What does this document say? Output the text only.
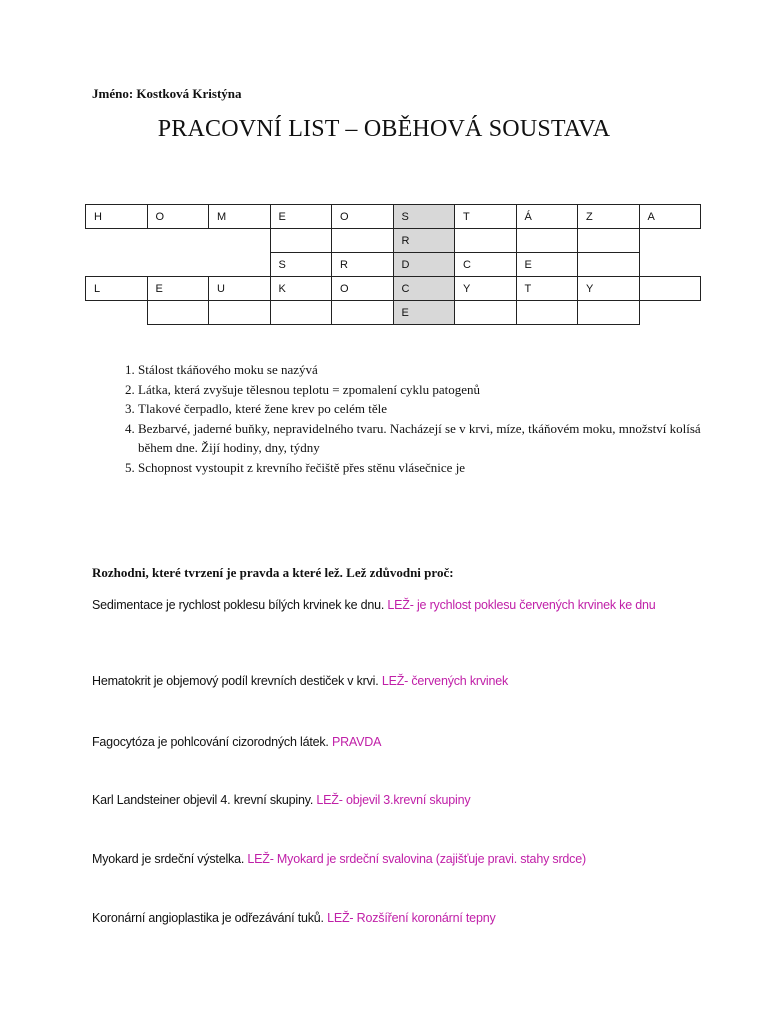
Jméno: Kostková Kristýna
PRACOVNÍ LIST – OBĚHOVÁ SOUSTAVA
H	O	M	E	O	S	T	Á	Z	A
					R				
			S	R	D	C	E		
L	E	U	K	O	C	Y	T	Y	
					E				
1. Stálost tkáňového moku se nazývá
2. Látka, která zvyšuje tělesnou teplotu = zpomalení cyklu patogenů
3. Tlakové čerpadlo, které žene krev po celém těle
4. Bezbarvé, jaderné buňky, nepravidelného tvaru. Nacházejí se v krvi, míze, tkáňovém moku, množství kolísá během dne. Žijí hodiny, dny, týdny
5. Schopnost vystoupit z krevního řečiště přes stěnu vlásečnice je
Rozhodni, které tvrzení je pravda a které lež. Lež zdůvodni proč:
Sedimentace je rychlost poklesu bílých krvinek ke dnu. LEŽ- je rychlost poklesu červených krvinek ke dnu
Hematokrit je objemový podíl krevních destiček v krvi. LEŽ- červených krvinek
Fagocytóza je pohlcování cizorodných látek. PRAVDA
Karl Landsteiner objevil 4. krevní skupiny. LEŽ- objevil 3.krevní skupiny
Myokard je srdeční výstelka. LEŽ- Myokard je srdeční svalovina (zajišťuje pravi. stahy srdce)
Koronární angioplastika je odřezávání tuků. LEŽ- Rozšíření koronární tepny
